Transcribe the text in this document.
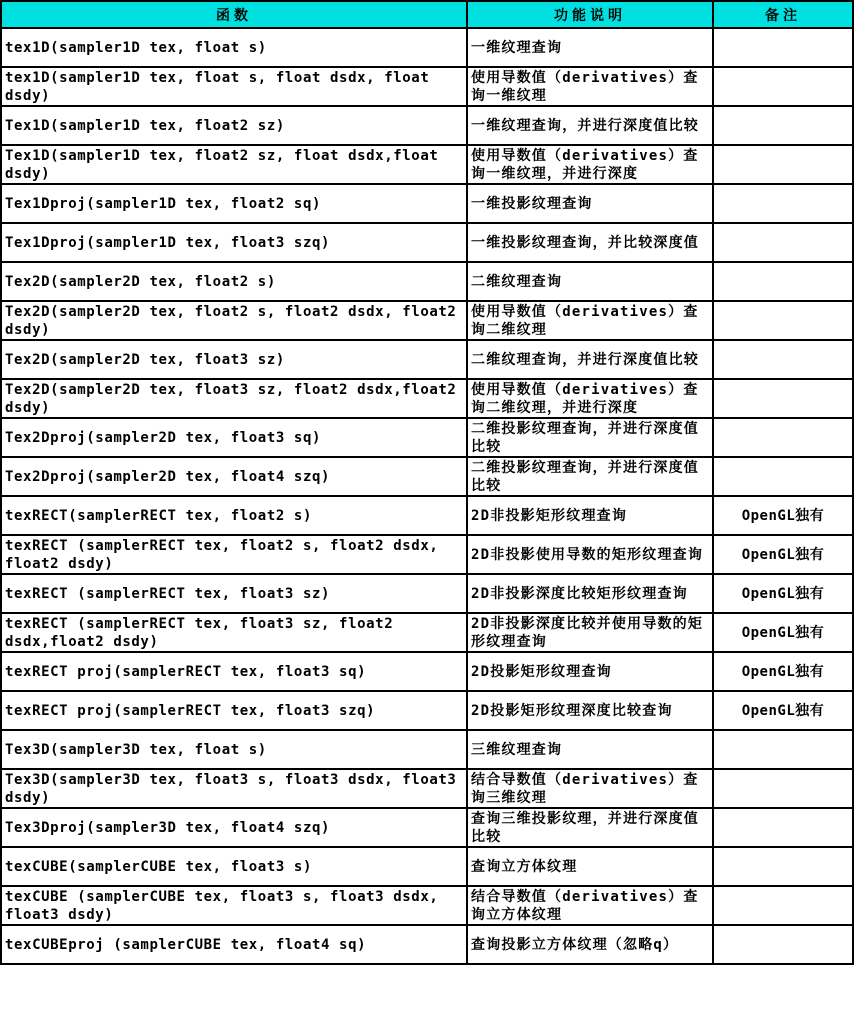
函数	功能说明	备注
tex1D(sampler1D tex, float s)	一维纹理查询	
tex1D(sampler1D tex, float s, float dsdx, float dsdy)	使用导数值（derivatives）查询一维纹理	
Tex1D(sampler1D tex, float2 sz)	一维纹理查询，并进行深度值比较	
Tex1D(sampler1D tex, float2 sz, float dsdx,float dsdy)	使用导数值（derivatives）查询一维纹理，并进行深度	
Tex1Dproj(sampler1D tex, float2 sq)	一维投影纹理查询	
Tex1Dproj(sampler1D tex, float3 szq)	一维投影纹理查询，并比较深度值	
Tex2D(sampler2D tex, float2 s)	二维纹理查询	
Tex2D(sampler2D tex, float2 s, float2 dsdx, float2 dsdy)	使用导数值（derivatives）查询二维纹理	
Tex2D(sampler2D tex, float3 sz)	二维纹理查询，并进行深度值比较	
Tex2D(sampler2D tex, float3 sz, float2 dsdx,float2 dsdy)	使用导数值（derivatives）查询二维纹理，并进行深度	
Tex2Dproj(sampler2D tex, float3 sq)	二维投影纹理查询，并进行深度值比较	
Tex2Dproj(sampler2D tex, float4 szq)	二维投影纹理查询，并进行深度值比较	
texRECT(samplerRECT tex, float2 s)	2D非投影矩形纹理查询	OpenGL独有
texRECT (samplerRECT tex, float2 s, float2 dsdx, float2 dsdy)	2D非投影使用导数的矩形纹理查询	OpenGL独有
texRECT (samplerRECT tex, float3 sz)	2D非投影深度比较矩形纹理查询	OpenGL独有
texRECT (samplerRECT tex, float3 sz, float2 dsdx,float2 dsdy)	2D非投影深度比较并使用导数的矩形纹理查询	OpenGL独有
texRECT proj(samplerRECT tex, float3 sq)	2D投影矩形纹理查询	OpenGL独有
texRECT proj(samplerRECT tex, float3 szq)	2D投影矩形纹理深度比较查询	OpenGL独有
Tex3D(sampler3D tex, float s)	三维纹理查询	
Tex3D(sampler3D tex, float3 s, float3 dsdx, float3 dsdy)	结合导数值（derivatives）查询三维纹理	
Tex3Dproj(sampler3D tex, float4 szq)	查询三维投影纹理，并进行深度值比较	
texCUBE(samplerCUBE tex, float3 s)	查询立方体纹理	
texCUBE (samplerCUBE tex, float3 s, float3 dsdx, float3 dsdy)	结合导数值（derivatives）查询立方体纹理	
texCUBEproj (samplerCUBE tex, float4 sq)	查询投影立方体纹理（忽略q）	
